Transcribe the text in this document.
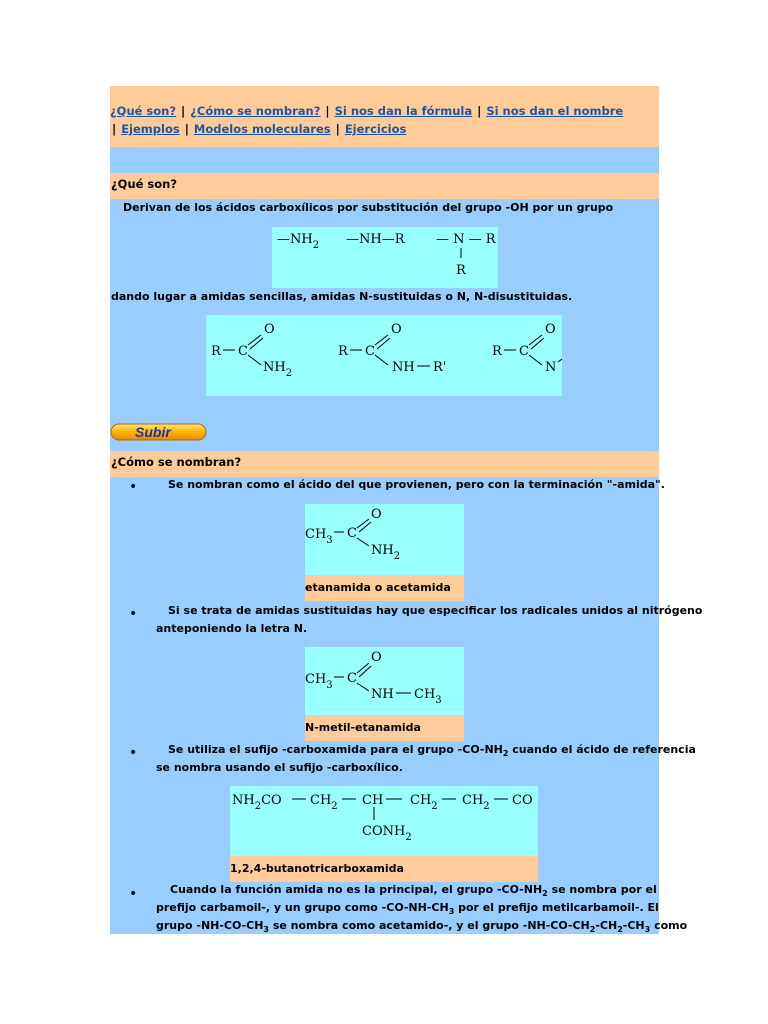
¿Qué son? | ¿Cómo se nombran? | Si nos dan la fórmula | Si nos dan el nombre
| Ejemplos | Modelos moleculares | Ejercicios
¿Qué son?
Derivan de los ácidos carboxílicos por substitución del grupo -OH por un grupo
$—NH_2$ —NH—R — N — R
R
dando lugar a amidas sencillas, amidas N-sustituidas o N, N-disustituidas.
R C
O
$NH_2$
R C
O
NH R'
R C
O
N
Subir
¿Cómo se nombran?
•	Se nombran como el ácido del que provienen, pero con la terminación "-amida".
$CH_3$ C
O
$NH_2$
etanamida o acetamida
•	Si se trata de amidas sustituidas hay que especificar los radicales unidos al nitrógeno
anteponiendo la letra N.
$CH_3$ C
O
NH $CH_3$
N-metil-etanamida
•	Se utiliza el sufijo -carboxamida para el grupo $-CO-NH_2$ cuando el ácido de referencia
se nombra usando el sufijo -carboxílico.
$NH_2CO$ $CH_2$ CH $CH_2$ $CH_2$ CO
$CONH_2$
1,2,4-butanotricarboxamida
•	Cuando la función amida no es la principal, el grupo $-CO-NH_2$ se nombra por el
prefijo carbamoil-, y un grupo como $-CO-NH-CH_3$ por el prefijo metilcarbamoil-. El
grupo $-NH-CO-CH_3$ se nombra como acetamido-, y el grupo $-NH-CO-CH_2-CH_2-CH_3$ como
